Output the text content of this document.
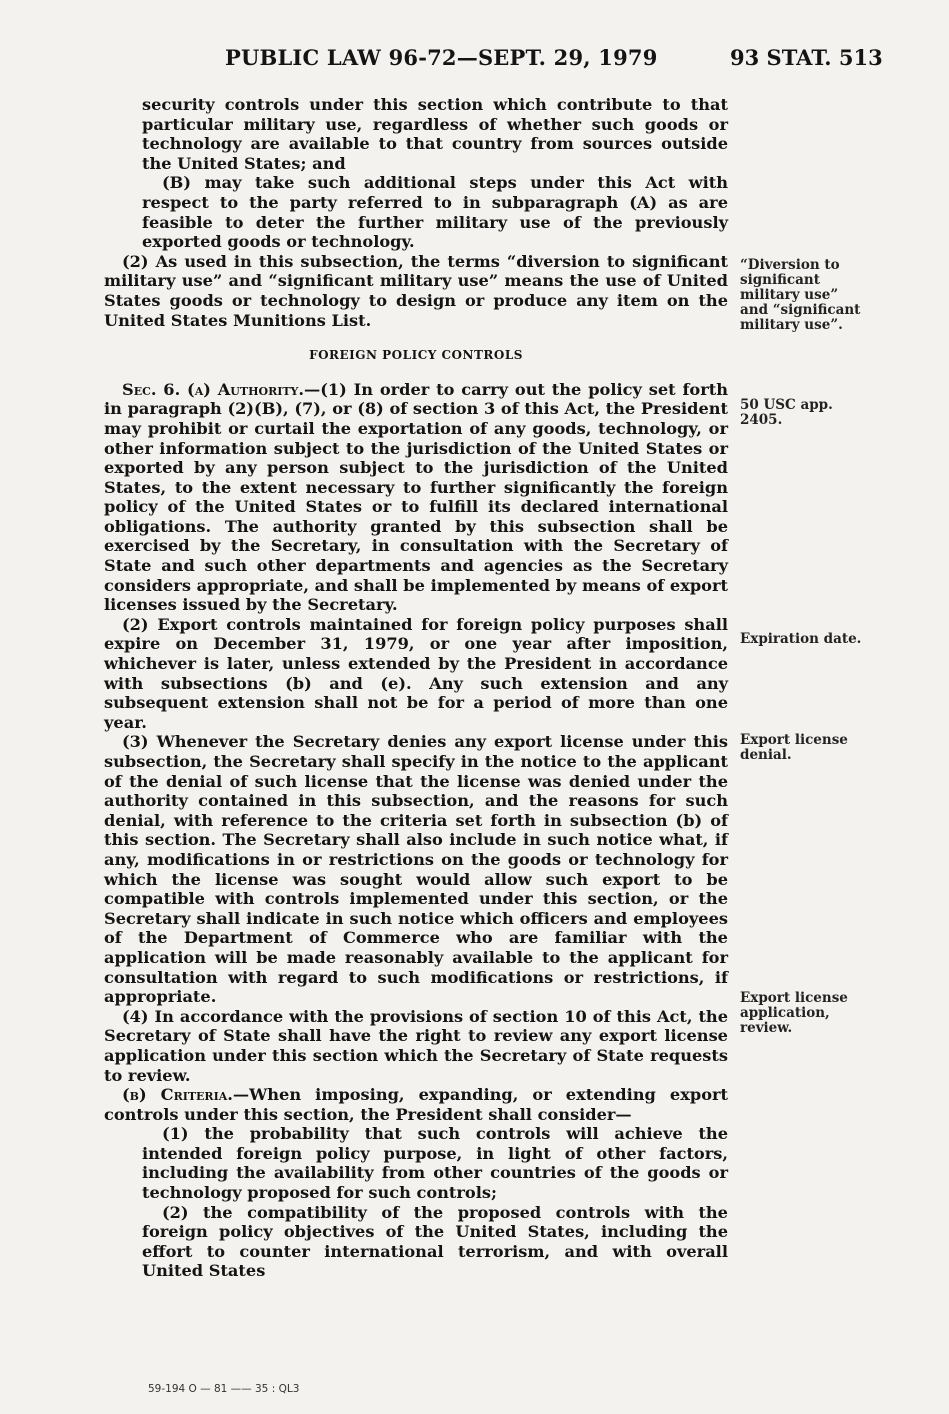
PUBLIC LAW 96-72—SEPT. 29, 1979	93 STAT. 513

security controls under this section which contribute to that particular military use, regardless of whether such goods or technology are available to that country from sources outside the United States; and

(B) may take such additional steps under this Act with respect to the party referred to in subparagraph (A) as are feasible to deter the further military use of the previously exported goods or technology.

(2) As used in this subsection, the terms “diversion to significant military use” and “significant military use” means the use of United States goods or technology to design or produce any item on the United States Munitions List.

FOREIGN POLICY CONTROLS

Sec. 6. (a) Authority.—(1) In order to carry out the policy set forth in paragraph (2)(B), (7), or (8) of section 3 of this Act, the President may prohibit or curtail the exportation of any goods, technology, or other information subject to the jurisdiction of the United States or exported by any person subject to the jurisdiction of the United States, to the extent necessary to further significantly the foreign policy of the United States or to fulfill its declared international obligations. The authority granted by this subsection shall be exercised by the Secretary, in consultation with the Secretary of State and such other departments and agencies as the Secretary considers appropriate, and shall be implemented by means of export licenses issued by the Secretary.

(2) Export controls maintained for foreign policy purposes shall expire on December 31, 1979, or one year after imposition, whichever is later, unless extended by the President in accordance with subsections (b) and (e). Any such extension and any subsequent extension shall not be for a period of more than one year.

(3) Whenever the Secretary denies any export license under this subsection, the Secretary shall specify in the notice to the applicant of the denial of such license that the license was denied under the authority contained in this subsection, and the reasons for such denial, with reference to the criteria set forth in subsection (b) of this section. The Secretary shall also include in such notice what, if any, modifications in or restrictions on the goods or technology for which the license was sought would allow such export to be compatible with controls implemented under this section, or the Secretary shall indicate in such notice which officers and employees of the Department of Commerce who are familiar with the application will be made reasonably available to the applicant for consultation with regard to such modifications or restrictions, if appropriate.

(4) In accordance with the provisions of section 10 of this Act, the Secretary of State shall have the right to review any export license application under this section which the Secretary of State requests to review.

(b) Criteria.—When imposing, expanding, or extending export controls under this section, the President shall consider—

(1) the probability that such controls will achieve the intended foreign policy purpose, in light of other factors, including the availability from other countries of the goods or technology proposed for such controls;

(2) the compatibility of the proposed controls with the foreign policy objectives of the United States, including the effort to counter international terrorism, and with overall United States

“Diversion to significant military use” and “significant military use”.
50 USC app. 2405.
Expiration date.
Export license denial.
Export license application, review.
59-194 O — 81 —— 35 : QL3
